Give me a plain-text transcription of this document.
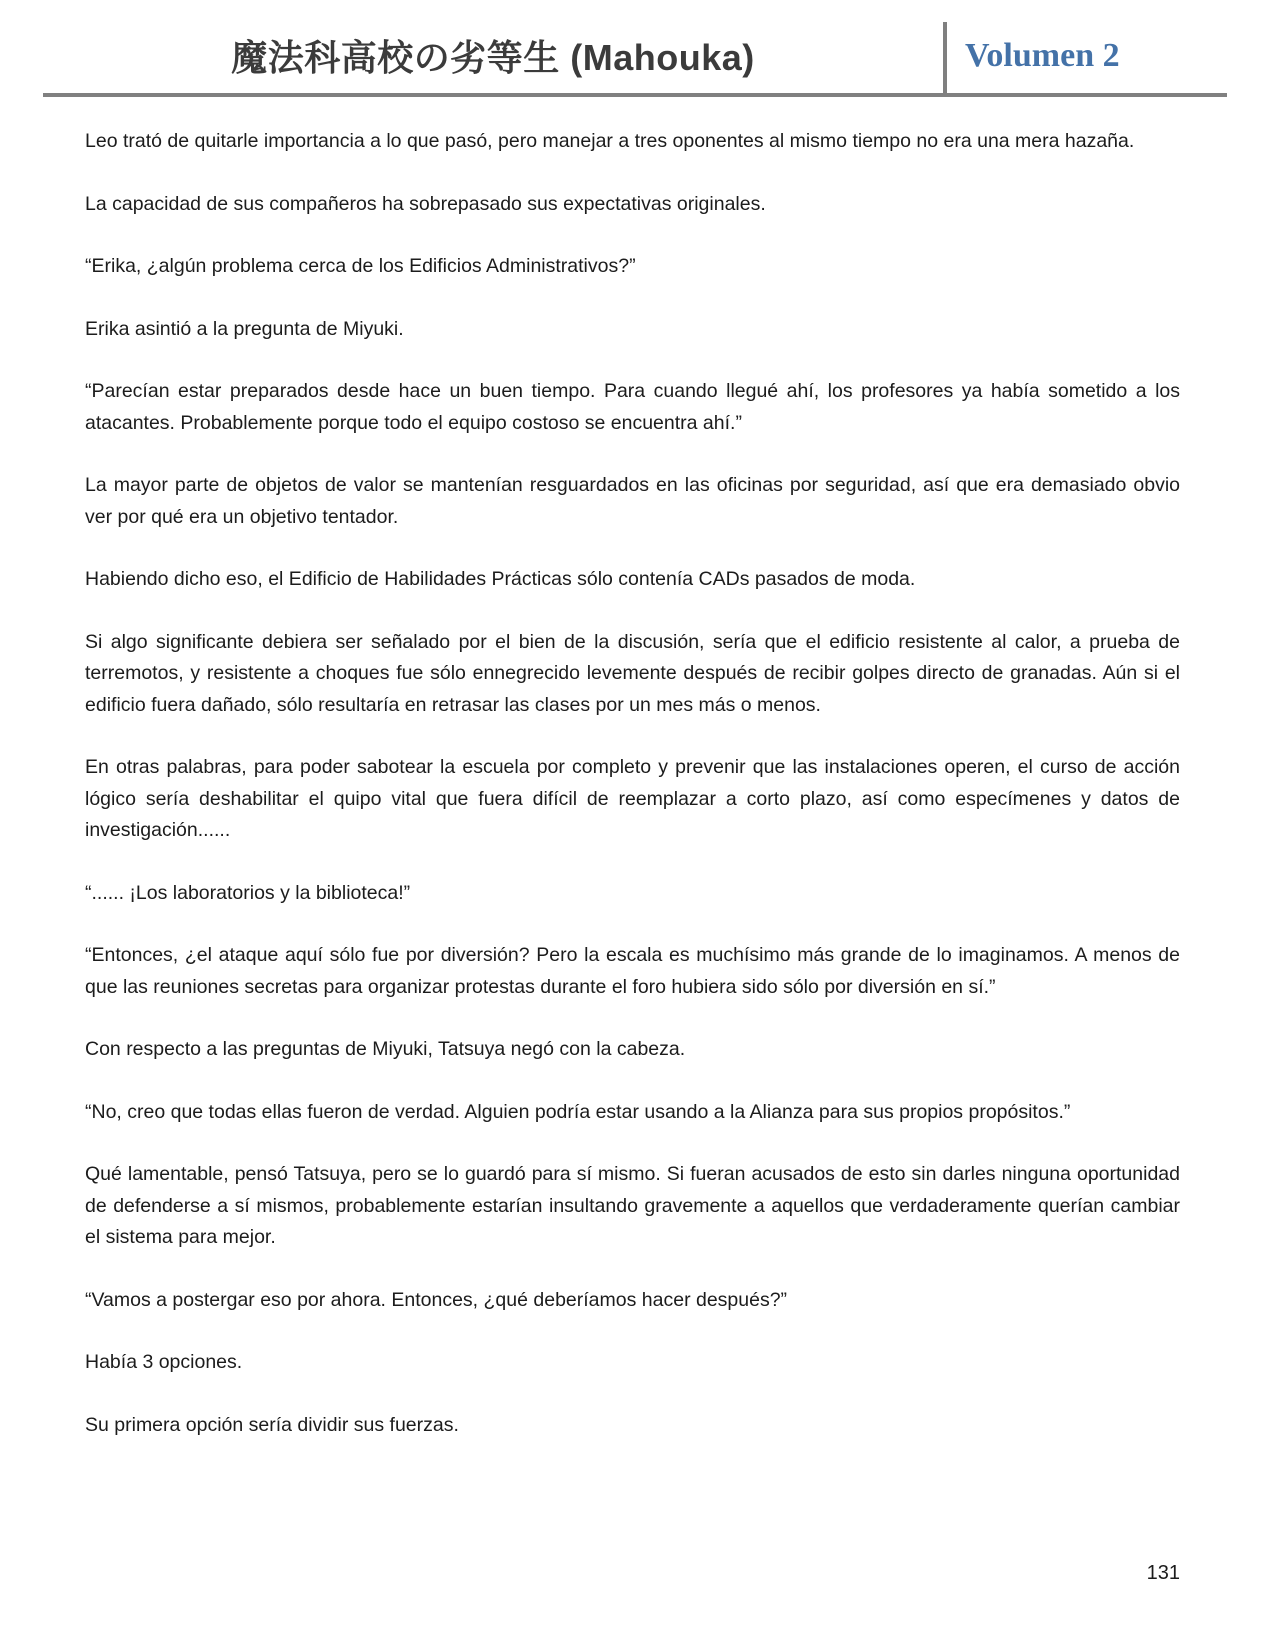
魔法科高校の劣等生 (Mahouka)	Volumen 2

Leo trató de quitarle importancia a lo que pasó, pero manejar a tres oponentes al mismo tiempo no era una mera hazaña.

La capacidad de sus compañeros ha sobrepasado sus expectativas originales.

“Erika, ¿algún problema cerca de los Edificios Administrativos?”

Erika asintió a la pregunta de Miyuki.

“Parecían estar preparados desde hace un buen tiempo. Para cuando llegué ahí, los profesores ya había sometido a los atacantes. Probablemente porque todo el equipo costoso se encuentra ahí.”

La mayor parte de objetos de valor se mantenían resguardados en las oficinas por seguridad, así que era demasiado obvio ver por qué era un objetivo tentador.

Habiendo dicho eso, el Edificio de Habilidades Prácticas sólo contenía CADs pasados de moda.

Si algo significante debiera ser señalado por el bien de la discusión, sería que el edificio resistente al calor, a prueba de terremotos, y resistente a choques fue sólo ennegrecido levemente después de recibir golpes directo de granadas. Aún si el edificio fuera dañado, sólo resultaría en retrasar las clases por un mes más o menos.

En otras palabras, para poder sabotear la escuela por completo y prevenir que las instalaciones operen, el curso de acción lógico sería deshabilitar el quipo vital que fuera difícil de reemplazar a corto plazo, así como especímenes y datos de investigación......

“...... ¡Los laboratorios y la biblioteca!”

“Entonces, ¿el ataque aquí sólo fue por diversión? Pero la escala es muchísimo más grande de lo imaginamos. A menos de que las reuniones secretas para organizar protestas durante el foro hubiera sido sólo por diversión en sí.”

Con respecto a las preguntas de Miyuki, Tatsuya negó con la cabeza.

“No, creo que todas ellas fueron de verdad. Alguien podría estar usando a la Alianza para sus propios propósitos.”

Qué lamentable, pensó Tatsuya, pero se lo guardó para sí mismo. Si fueran acusados de esto sin darles ninguna oportunidad de defenderse a sí mismos, probablemente estarían insultando gravemente a aquellos que verdaderamente querían cambiar el sistema para mejor.

“Vamos a postergar eso por ahora. Entonces, ¿qué deberíamos hacer después?”

Había 3 opciones.

Su primera opción sería dividir sus fuerzas.

131
